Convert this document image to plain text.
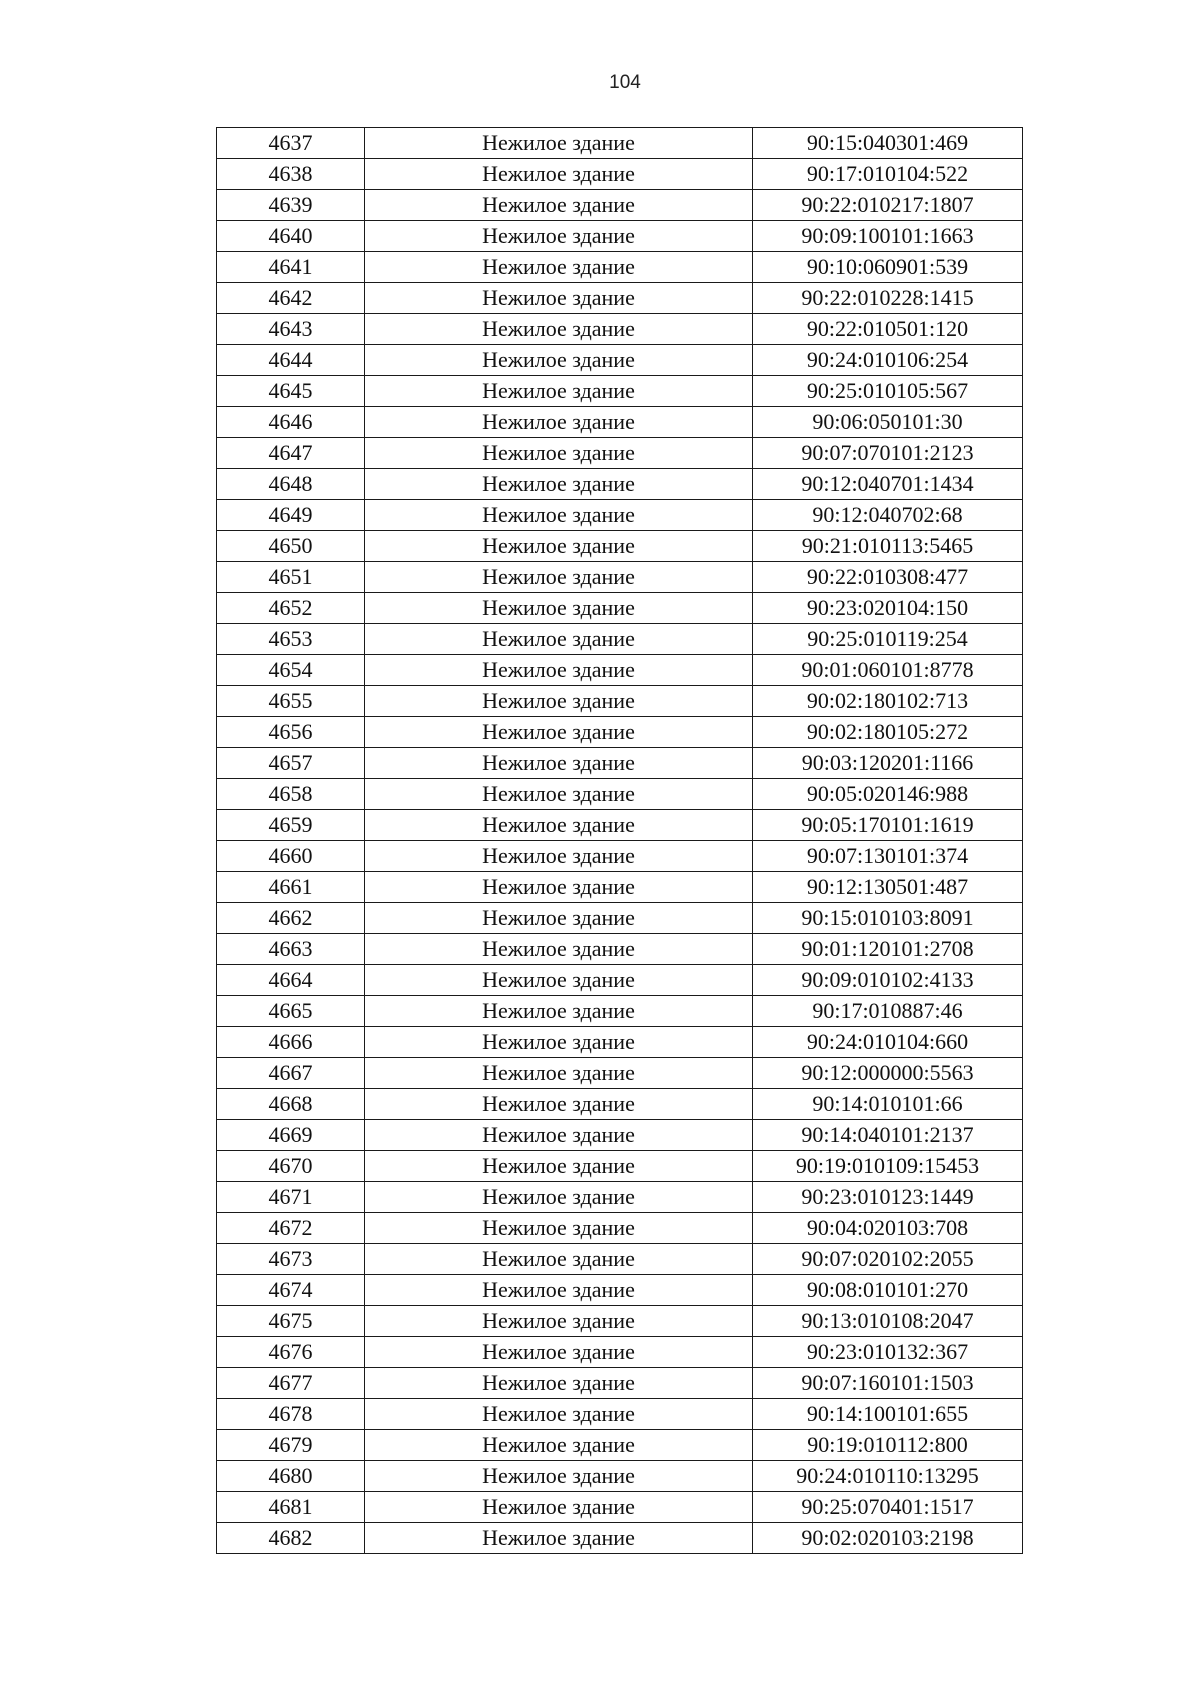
104
4637	Нежилое здание	90:15:040301:469
4638	Нежилое здание	90:17:010104:522
4639	Нежилое здание	90:22:010217:1807
4640	Нежилое здание	90:09:100101:1663
4641	Нежилое здание	90:10:060901:539
4642	Нежилое здание	90:22:010228:1415
4643	Нежилое здание	90:22:010501:120
4644	Нежилое здание	90:24:010106:254
4645	Нежилое здание	90:25:010105:567
4646	Нежилое здание	90:06:050101:30
4647	Нежилое здание	90:07:070101:2123
4648	Нежилое здание	90:12:040701:1434
4649	Нежилое здание	90:12:040702:68
4650	Нежилое здание	90:21:010113:5465
4651	Нежилое здание	90:22:010308:477
4652	Нежилое здание	90:23:020104:150
4653	Нежилое здание	90:25:010119:254
4654	Нежилое здание	90:01:060101:8778
4655	Нежилое здание	90:02:180102:713
4656	Нежилое здание	90:02:180105:272
4657	Нежилое здание	90:03:120201:1166
4658	Нежилое здание	90:05:020146:988
4659	Нежилое здание	90:05:170101:1619
4660	Нежилое здание	90:07:130101:374
4661	Нежилое здание	90:12:130501:487
4662	Нежилое здание	90:15:010103:8091
4663	Нежилое здание	90:01:120101:2708
4664	Нежилое здание	90:09:010102:4133
4665	Нежилое здание	90:17:010887:46
4666	Нежилое здание	90:24:010104:660
4667	Нежилое здание	90:12:000000:5563
4668	Нежилое здание	90:14:010101:66
4669	Нежилое здание	90:14:040101:2137
4670	Нежилое здание	90:19:010109:15453
4671	Нежилое здание	90:23:010123:1449
4672	Нежилое здание	90:04:020103:708
4673	Нежилое здание	90:07:020102:2055
4674	Нежилое здание	90:08:010101:270
4675	Нежилое здание	90:13:010108:2047
4676	Нежилое здание	90:23:010132:367
4677	Нежилое здание	90:07:160101:1503
4678	Нежилое здание	90:14:100101:655
4679	Нежилое здание	90:19:010112:800
4680	Нежилое здание	90:24:010110:13295
4681	Нежилое здание	90:25:070401:1517
4682	Нежилое здание	90:02:020103:2198
